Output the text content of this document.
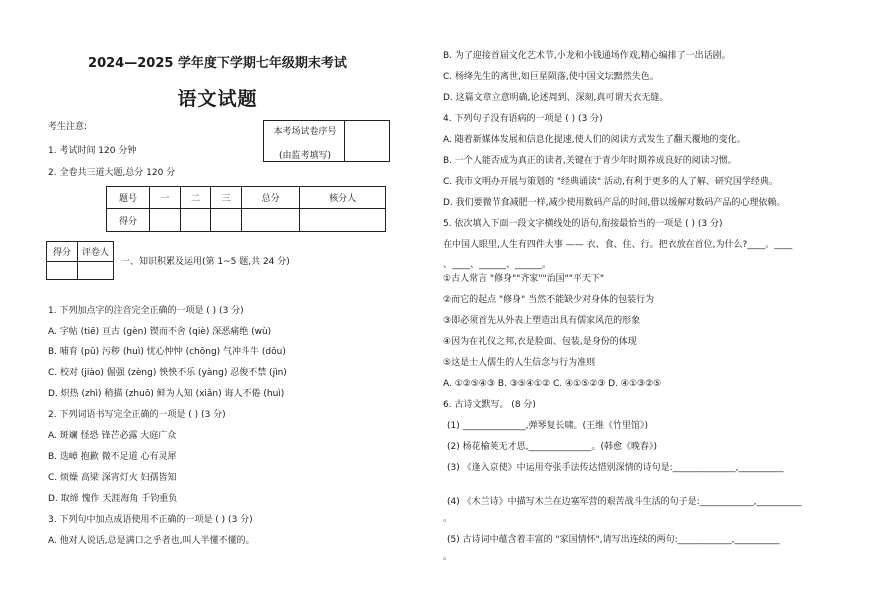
2024—2025 学年度下学期七年级期末考试
语文试题
考生注意:
1. 考试时间 120 分钟
2. 全卷共三道大题,总分 120 分
本考场试卷序号
(由监考填写)
题号	一	二	三	总分	核分人
得分					
得分	评卷人

一、知识积累及运用(第 1~5 题,共 24 分)
1. 下列加点字的注音完全正确的一项是 ( ) (3 分)
A. 字帖 (tiē) 亘古 (gèn) 锲而不舍 (qiè) 深恶痛绝 (wù)
B. 哺育 (pǔ) 污秽 (huì) 忧心忡忡 (chōng) 气冲斗牛 (dǒu)
C. 校对 (jiào) 倔强 (zèng) 怏怏不乐 (yàng) 忍俊不禁 (jìn)
D. 炽热 (zhì) 稍描 (zhuō) 鲜为人知 (xiǎn) 诲人不倦 (huì)
2. 下列词语书写完全正确的一项是 ( ) (3 分)
A. 斑斓 怪恐 锋芒必露 大庭广众
B. 迭嶂 抱歉 微不足道 心有灵犀
C. 烦燥 高梁 深宵灯火 妇孺皆知
D. 取缔 愧作 天涯海角 千钧重负
3. 下列句中加点成语使用不正确的一项是 ( ) (3 分)
A. 他对人说话,总是满口之乎者也,叫人半懂不懂的。
B. 为了迎接首届文化艺术节,小龙和小钱通场作戏,精心编排了一出话剧。
C. 杨绛先生的离世,如巨星陨落,使中国文坛黯然失色。
D. 这篇文章立意明确,论述周到、深刻,真可谓天衣无缝。
4. 下列句子没有语病的一项是 ( ) (3 分)
A. 随着新媒体发展和信息化提速,使人们的阅读方式发生了翻天覆地的变化。
B. 一个人能否成为真正的读者,关键在于青少年时期养成良好的阅读习惯。
C. 我市文明办开展与策划的 "经典诵读" 活动,有利于更多的人了解、研究国学经典。
D. 我们要微节食减肥一样,减少使用数码产品的时间,借以缓解对数码产品的心理依赖。
5. 依次填入下面一段文字横线处的语句,衔接最恰当的一项是 ( ) (3 分)
在中国人眼里,人生有四件大事 —— 衣、食、住、行。把衣放在首位,为什么?____。____
、____、______、______。
①古人常言 "修身""齐家""治国""平天下"
②而它的起点 "修身" 当然不能缺少对身体的包装行为
③即必须首先从外表上塑造出具有儒家风范的形象
④因为在礼仪之邦,衣是脸面、包装,是身份的体现
⑤这是士人儒生的人生信念与行为准则
A. ①②⑤④③ B. ③⑤④①② C. ④①⑤②③ D. ④①③②⑤
6. 古诗文默写。 (8 分)
(1) ______________,弹琴复长啸。(王维《竹里馆》)
(2) 杨花榆荚无才思,______________。(韩愈《晚春》)
(3) 《逢入京使》中运用夸张手法传达惜别深情的诗句是:______________,__________
(4) 《木兰诗》中描写木兰在边塞军营的艰苦战斗生活的句子是:____________,__________
。
(5) 古诗词中蕴含着丰富的 "家国情怀",请写出连续的两句:____________,__________
。
